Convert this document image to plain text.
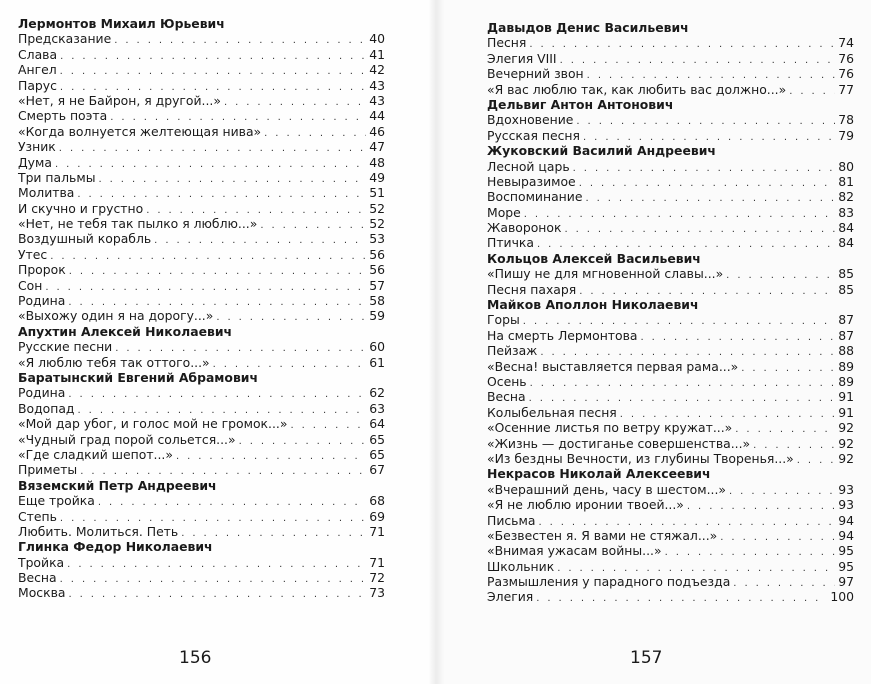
Лермонтов Михаил Юрьевич
Предсказание . . .	40
Слава . . .	41
Ангел . . .	42
Парус . . .	43
«Нет, я не Байрон, я другой...» . . .	43
Смерть поэта . . .	44
«Когда волнуется желтеющая нива» . . .	46
Узник . . .	47
Дума . . .	48
Три пальмы . . .	49
Молитва . . .	51
И скучно и грустно . . .	52
«Нет, не тебя так пылко я люблю...» . . .	52
Воздушный корабль . . .	53
Утес . . .	56
Пророк . . .	56
Сон . . .	57
Родина . . .	58
«Выхожу один я на дорогу...» . . .	59
Апухтин Алексей Николаевич
Русские песни . . .	60
«Я люблю тебя так оттого...» . . .	61
Баратынский Евгений Абрамович
Родина . . .	62
Водопад . . .	63
«Мой дар убог, и голос мой не громок...» . . .	64
«Чудный град порой сольется...» . . .	65
«Где сладкий шепот...» . . .	65
Приметы . . .	67
Вяземский Петр Андреевич
Еще тройка . . .	68
Степь . . .	69
Любить. Молиться. Петь . . .	71
Глинка Федор Николаевич
Тройка . . .	71
Весна . . .	72
Москва . . .	73
156
Давыдов Денис Васильевич
Песня . . .	74
Элегия VIII . . .	76
Вечерний звон . . .	76
«Я вас люблю так, как любить вас должно...» . . .	77
Дельвиг Антон Антонович
Вдохновение . . .	78
Русская песня . . .	79
Жуковский Василий Андреевич
Лесной царь . . .	80
Невыразимое . . .	81
Воспоминание . . .	82
Море . . .	83
Жаворонок . . .	84
Птичка . . .	84
Кольцов Алексей Васильевич
«Пишу не для мгновенной славы...» . . .	85
Песня пахаря . . .	85
Майков Аполлон Николаевич
Горы . . .	87
На смерть Лермонтова . . .	87
Пейзаж . . .	88
«Весна! выставляется первая рама...» . . .	89
Осень . . .	89
Весна . . .	91
Колыбельная песня . . .	91
«Осенние листья по ветру кружат...» . . .	92
«Жизнь — достиганье совершенства...» . . .	92
«Из бездны Вечности, из глубины Творенья...» . . .	92
Некрасов Николай Алексеевич
«Вчерашний день, часу в шестом...» . . .	93
«Я не люблю иронии твоей...» . . .	93
Письма . . .	94
«Безвестен я. Я вами не стяжал...» . . .	94
«Внимая ужасам войны...» . . .	95
Школьник . . .	95
Размышления у парадного подъезда . . .	97
Элегия . . .	100
157
